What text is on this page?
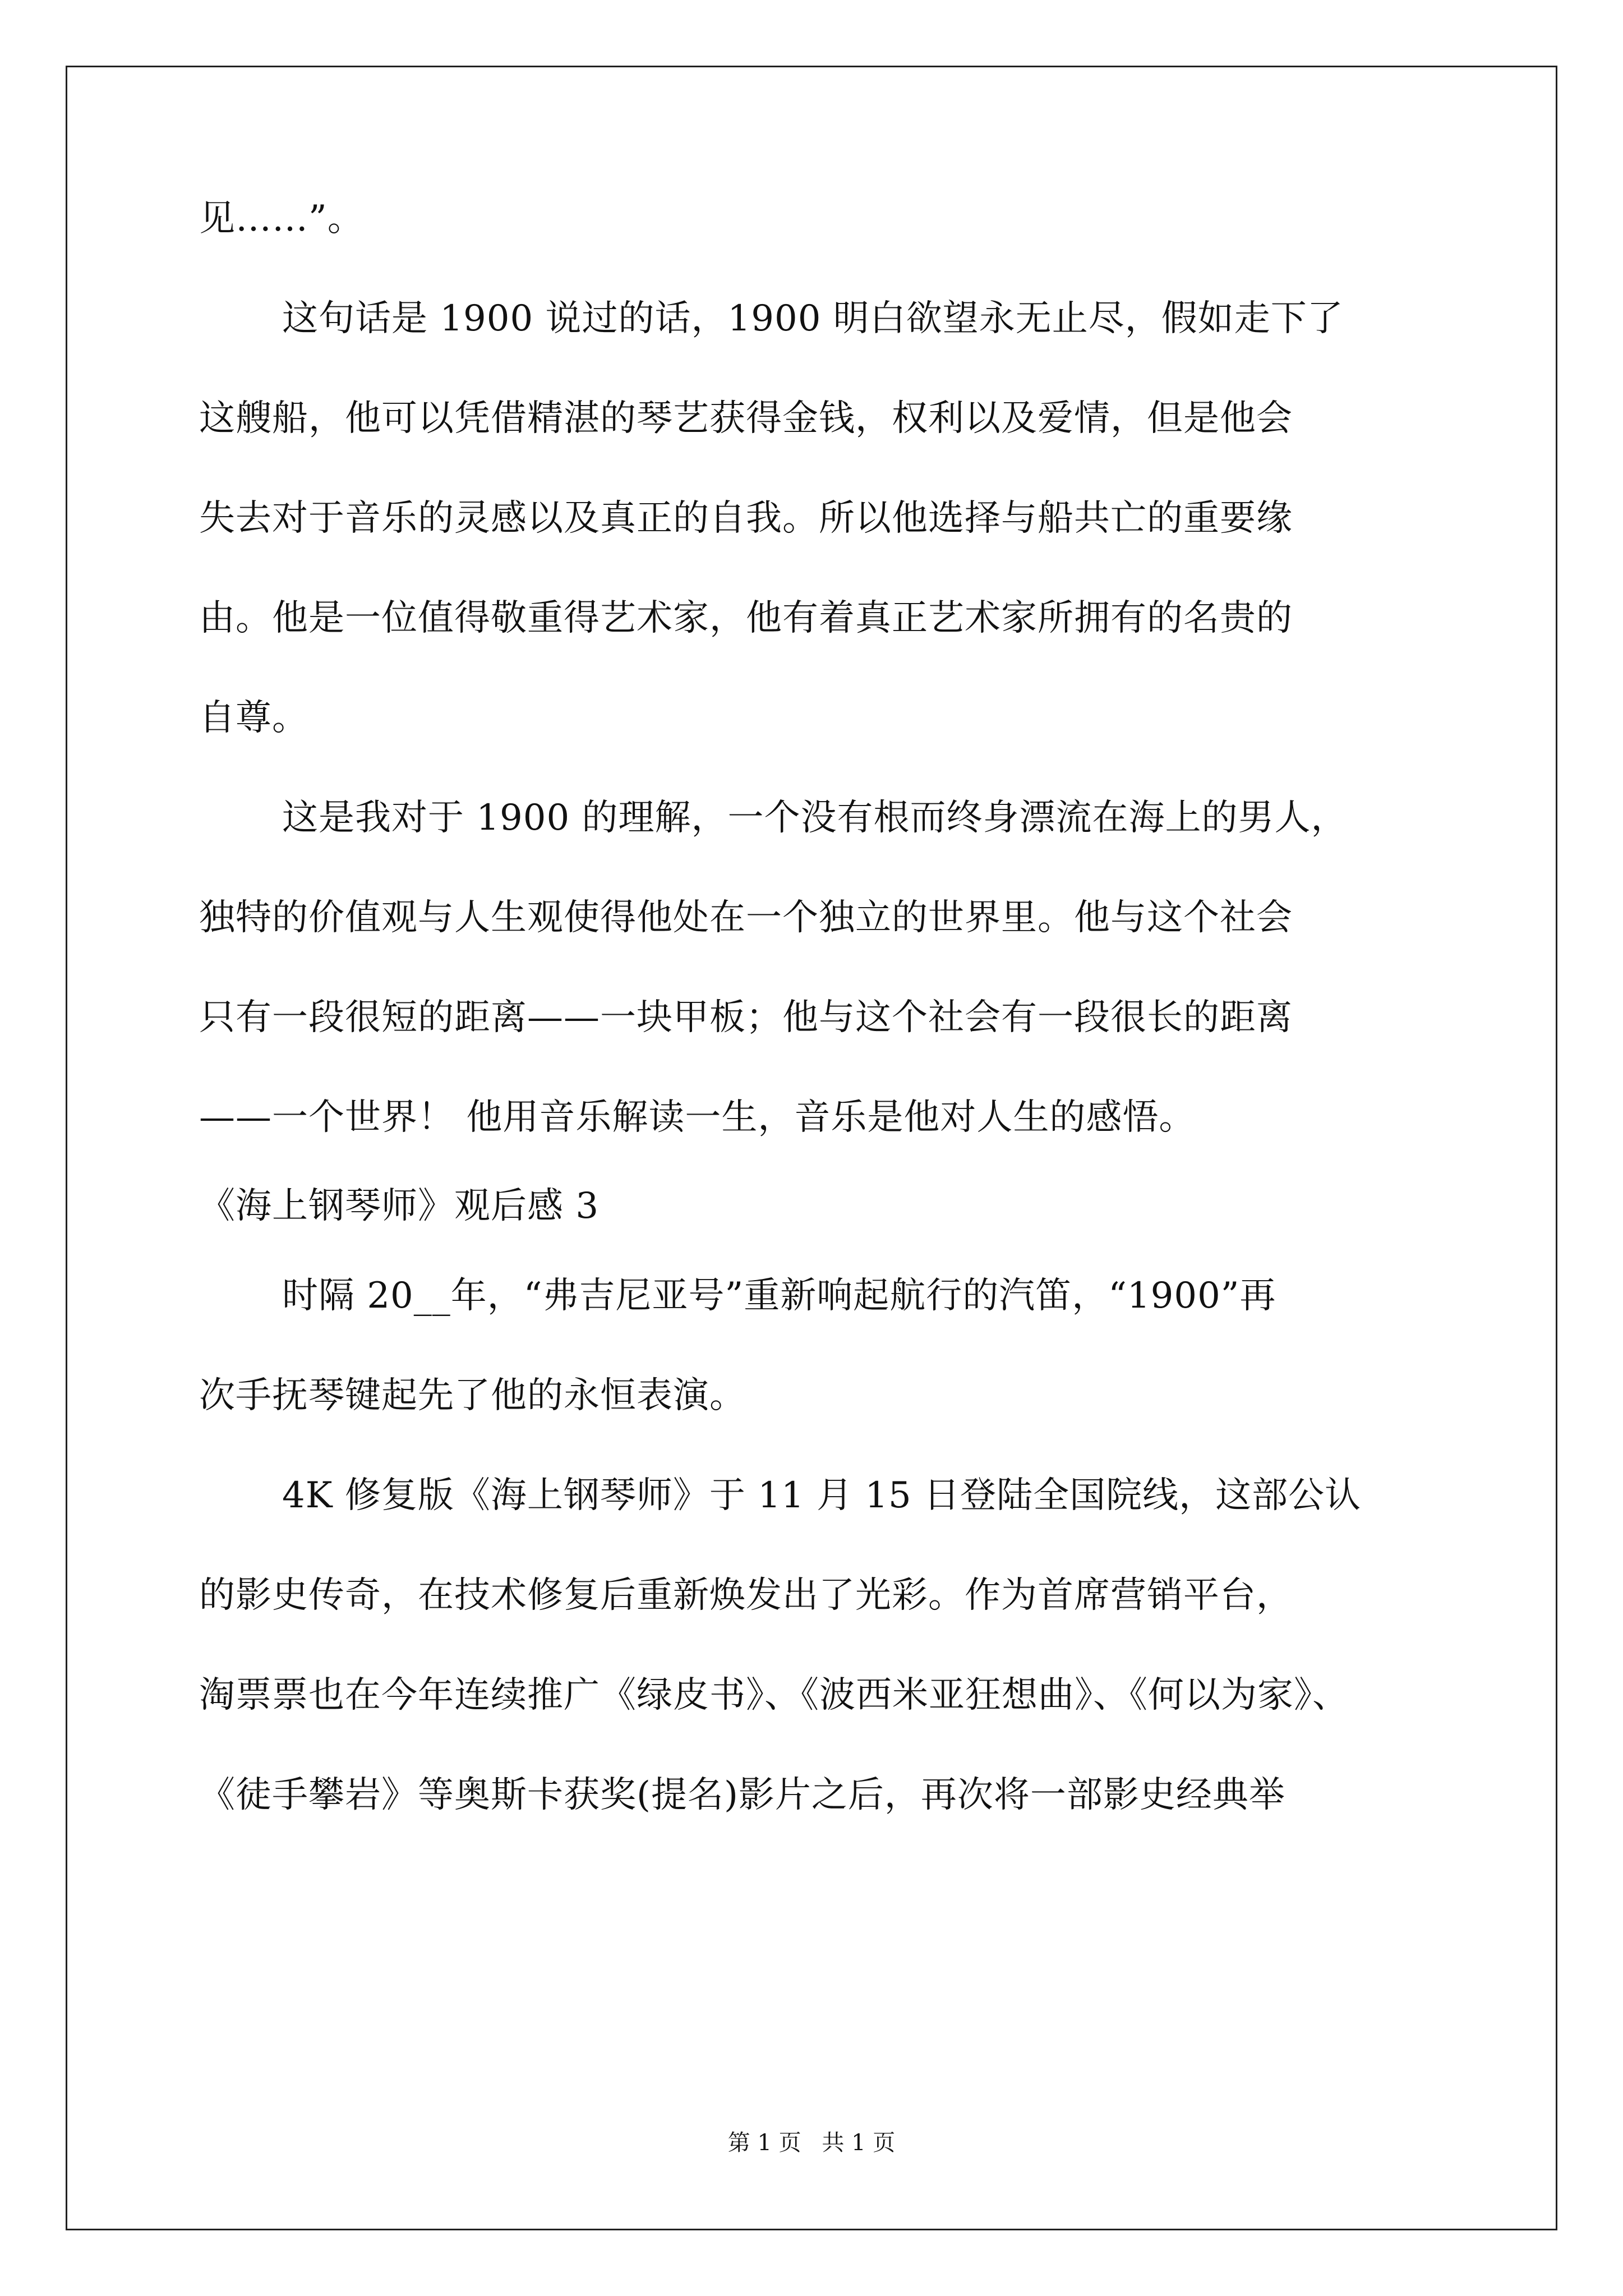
见……”。
这句话是 1900 说过的话，1900 明白欲望永无止尽，假如走下了
这艘船，他可以凭借精湛的琴艺获得金钱，权利以及爱情，但是他会
失去对于音乐的灵感以及真正的自我。所以他选择与船共亡的重要缘
由。他是一位值得敬重得艺术家，他有着真正艺术家所拥有的名贵的
自尊。
这是我对于 1900 的理解，一个没有根而终身漂流在海上的男人，
独特的价值观与人生观使得他处在一个独立的世界里。他与这个社会
只有一段很短的距离——一块甲板；他与这个社会有一段很长的距离
——一个世界！ 他用音乐解读一生，音乐是他对人生的感悟。
《海上钢琴师》观后感 3
时隔 20__年，“弗吉尼亚号”重新响起航行的汽笛，“1900”再
次手抚琴键起先了他的永恒表演。
4K 修复版《海上钢琴师》于 11 月 15 日登陆全国院线，这部公认
的影史传奇，在技术修复后重新焕发出了光彩。作为首席营销平台，
淘票票也在今年连续推广《绿皮书》、《波西米亚狂想曲》、《何以为家》、
《徒手攀岩》等奥斯卡获奖(提名)影片之后，再次将一部影史经典举
第 1 页 共 1 页
